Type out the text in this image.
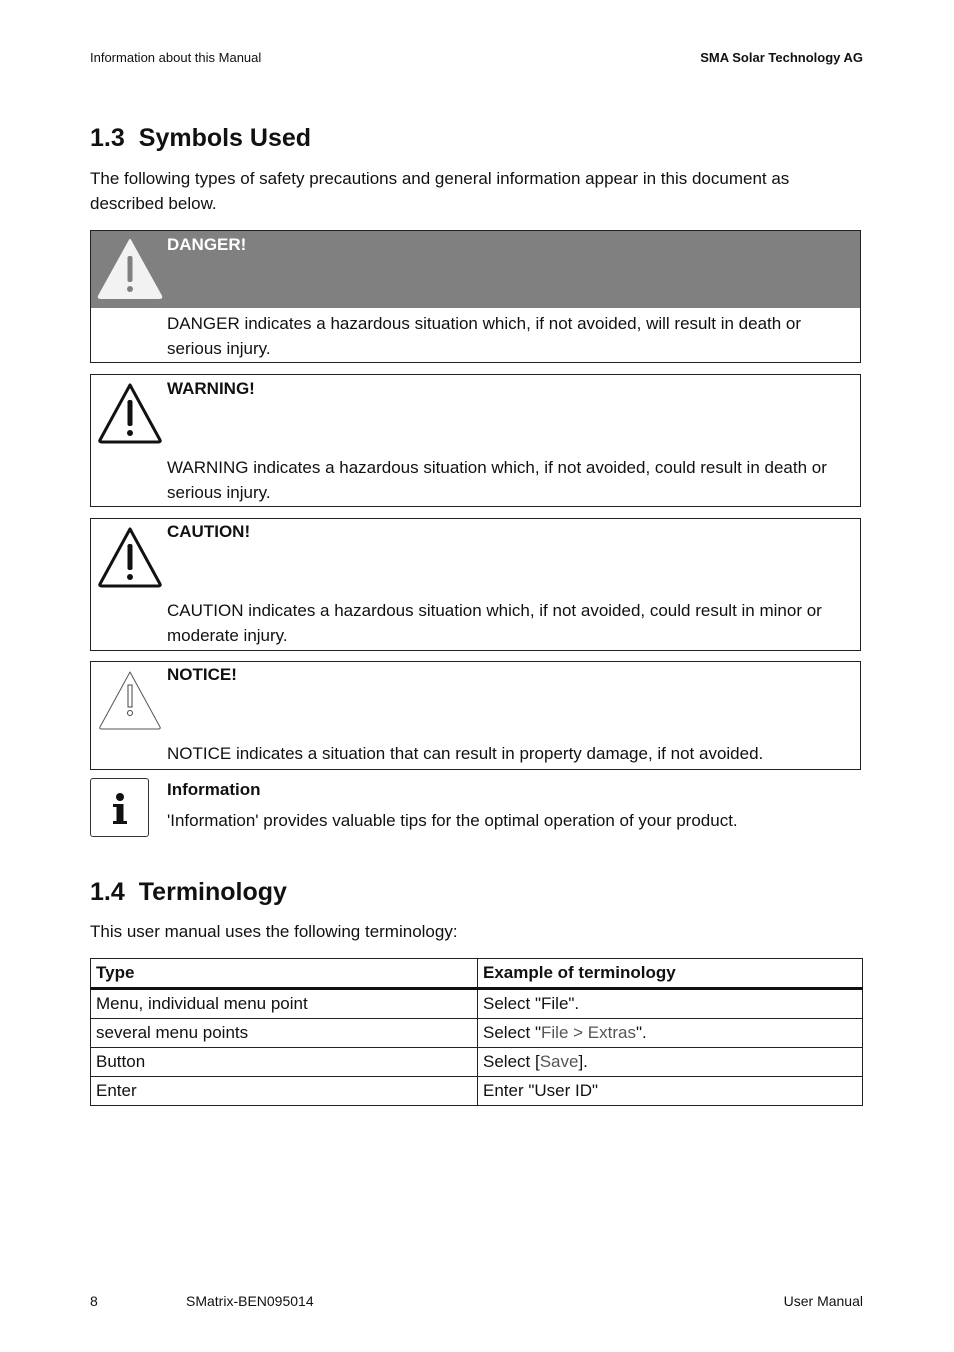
Information about this Manual	SMA Solar Technology AG
1.3 Symbols Used
The following types of safety precautions and general information appear in this document as described below.
DANGER!
DANGER indicates a hazardous situation which, if not avoided, will result in death or serious injury.
WARNING!
WARNING indicates a hazardous situation which, if not avoided, could result in death or serious injury.
CAUTION!
CAUTION indicates a hazardous situation which, if not avoided, could result in minor or moderate injury.
NOTICE!
NOTICE indicates a situation that can result in property damage, if not avoided.
Information
'Information' provides valuable tips for the optimal operation of your product.
1.4 Terminology
This user manual uses the following terminology:
Type	Example of terminology
Menu, individual menu point	Select "File".
several menu points	Select "File > Extras".
Button	Select [Save].
Enter	Enter "User ID"
8	SMatrix-BEN095014	User Manual
